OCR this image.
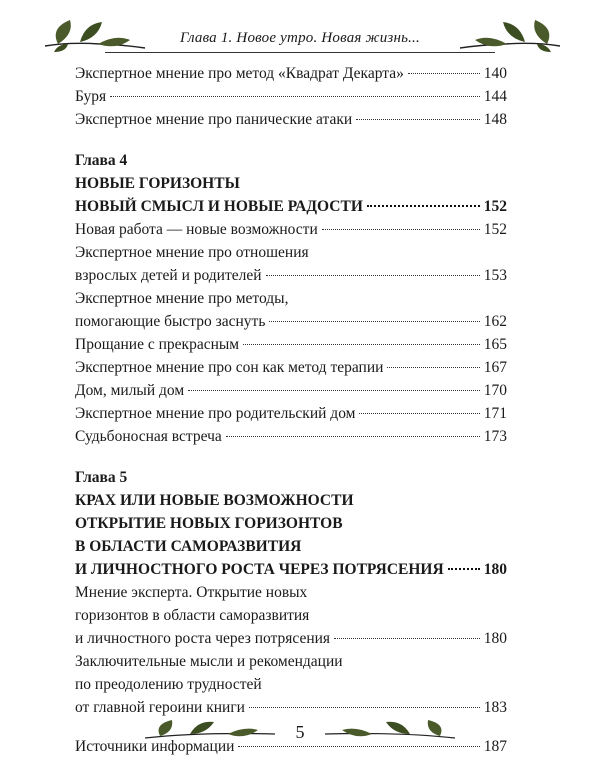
Глава 1. Новое утро. Новая жизнь...
Экспертное мнение про метод «Квадрат Декарта»	140
Буря	144
Экспертное мнение про панические атаки	148
Глава 4
НОВЫЕ ГОРИЗОНТЫ
НОВЫЙ СМЫСЛ И НОВЫЕ РАДОСТИ	152
Новая работа — новые возможности	152
Экспертное мнение про отношения
взрослых детей и родителей	153
Экспертное мнение про методы,
помогающие быстро заснуть	162
Прощание с прекрасным	165
Экспертное мнение про сон как метод терапии	167
Дом, милый дом	170
Экспертное мнение про родительский дом	171
Судьбоносная встреча	173
Глава 5
КРАХ ИЛИ НОВЫЕ ВОЗМОЖНОСТИ
ОТКРЫТИЕ НОВЫХ ГОРИЗОНТОВ
В ОБЛАСТИ САМОРАЗВИТИЯ
И ЛИЧНОСТНОГО РОСТА ЧЕРЕЗ ПОТРЯСЕНИЯ	180
Мнение эксперта. Открытие новых
горизонтов в области саморазвития
и личностного роста через потрясения	180
Заключительные мысли и рекомендации
по преодолению трудностей
от главной героини книги	183
Источники информации	187
5
